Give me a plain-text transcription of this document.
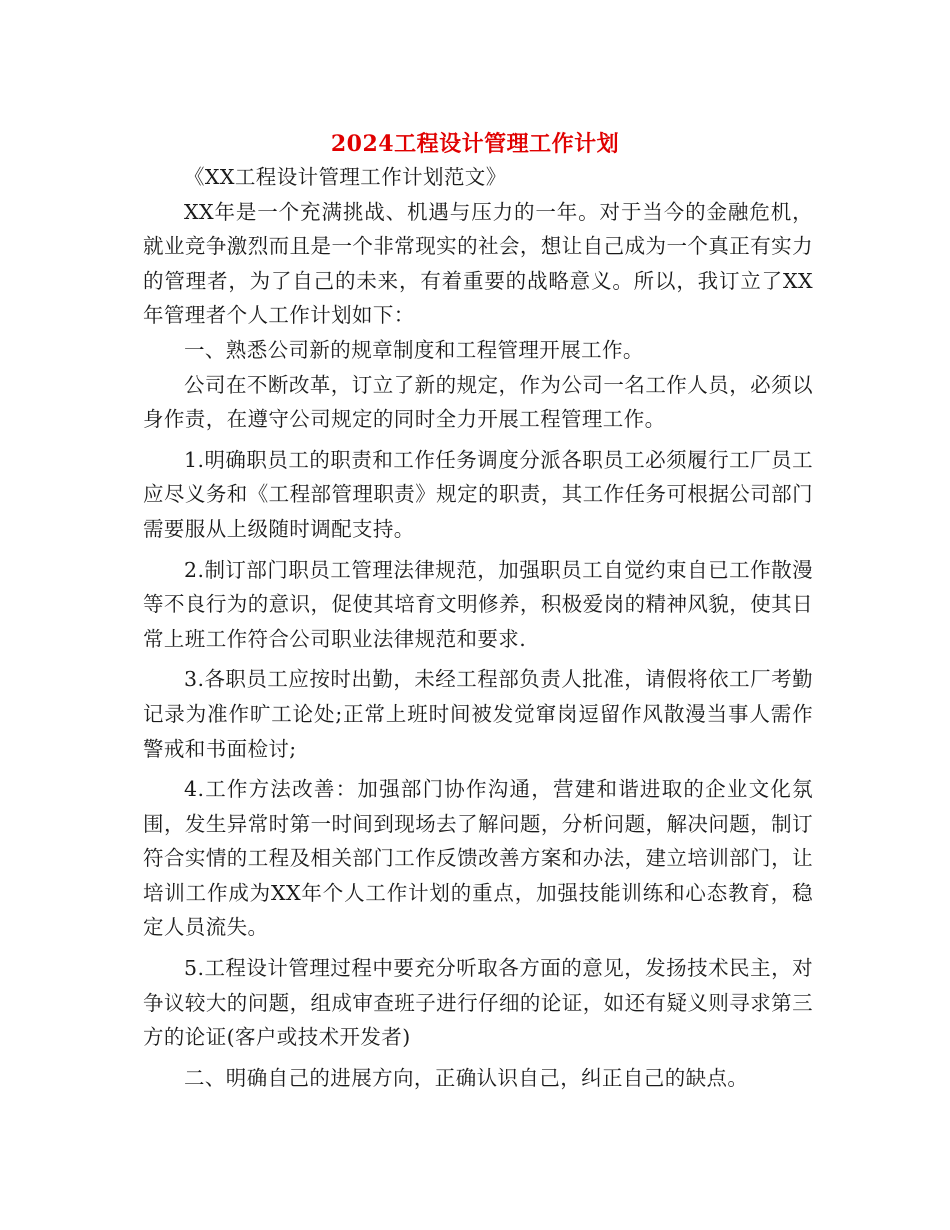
2024工程设计管理工作计划

《XX工程设计管理工作计划范文》

XX年是一个充满挑战、机遇与压力的一年。对于当今的金融危机，就业竞争激烈而且是一个非常现实的社会，想让自己成为一个真正有实力的管理者，为了自己的未来，有着重要的战略意义。所以，我订立了XX年管理者个人工作计划如下：

一、熟悉公司新的规章制度和工程管理开展工作。

公司在不断改革，订立了新的规定，作为公司一名工作人员，必须以身作责，在遵守公司规定的同时全力开展工程管理工作。

1.明确职员工的职责和工作任务调度分派各职员工必须履行工厂员工应尽义务和《工程部管理职责》规定的职责，其工作任务可根据公司部门需要服从上级随时调配支持。

2.制订部门职员工管理法律规范，加强职员工自觉约束自已工作散漫等不良行为的意识，促使其培育文明修养，积极爱岗的精神风貌，使其日常上班工作符合公司职业法律规范和要求.

3.各职员工应按时出勤，未经工程部负责人批准，请假将依工厂考勤记录为准作旷工论处;正常上班时间被发觉窜岗逗留作风散漫当事人需作警戒和书面检讨;

4.工作方法改善：加强部门协作沟通，营建和谐进取的企业文化氛围，发生异常时第一时间到现场去了解问题，分析问题，解决问题，制订符合实情的工程及相关部门工作反馈改善方案和办法，建立培训部门，让培训工作成为XX年个人工作计划的重点，加强技能训练和心态教育，稳定人员流失。

5.工程设计管理过程中要充分听取各方面的意见，发扬技术民主，对争议较大的问题，组成审查班子进行仔细的论证，如还有疑义则寻求第三方的论证(客户或技术开发者)

二、明确自己的进展方向，正确认识自己，纠正自己的缺点。
